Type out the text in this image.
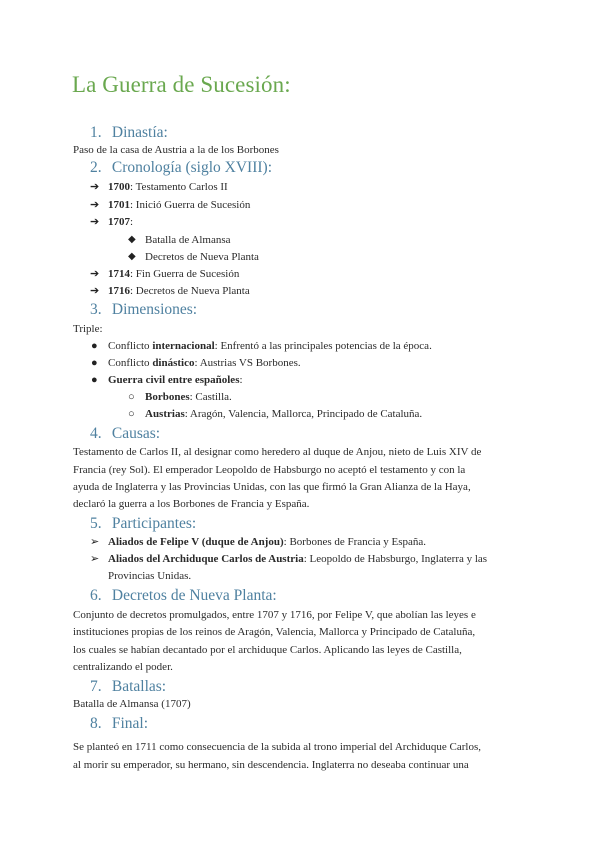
La Guerra de Sucesión:
1. Dinastía:
Paso de la casa de Austria a la de los Borbones
2. Cronología (siglo XVIII):
➔ 1700: Testamento Carlos II
➔ 1701: Inició Guerra de Sucesión
➔ 1707:
◆ Batalla de Almansa
◆ Decretos de Nueva Planta
➔ 1714: Fin Guerra de Sucesión
➔ 1716: Decretos de Nueva Planta
3. Dimensiones:
Triple:
● Conflicto internacional: Enfrentó a las principales potencias de la época.
● Conflicto dinástico: Austrias VS Borbones.
● Guerra civil entre españoles:
○ Borbones: Castilla.
○ Austrias: Aragón, Valencia, Mallorca, Principado de Cataluña.
4. Causas:
Testamento de Carlos II, al designar como heredero al duque de Anjou, nieto de Luis XIV de
Francia (rey Sol). El emperador Leopoldo de Habsburgo no aceptó el testamento y con la
ayuda de Inglaterra y las Provincias Unidas, con las que firmó la Gran Alianza de la Haya,
declaró la guerra a los Borbones de Francia y España.
5. Participantes:
➢ Aliados de Felipe V (duque de Anjou): Borbones de Francia y España.
➢ Aliados del Archiduque Carlos de Austria: Leopoldo de Habsburgo, Inglaterra y las
Provincias Unidas.
6. Decretos de Nueva Planta:
Conjunto de decretos promulgados, entre 1707 y 1716, por Felipe V, que abolían las leyes e
instituciones propias de los reinos de Aragón, Valencia, Mallorca y Principado de Cataluña,
los cuales se habían decantado por el archiduque Carlos. Aplicando las leyes de Castilla,
centralizando el poder.
7. Batallas:
Batalla de Almansa (1707)
8. Final:
Se planteó en 1711 como consecuencia de la subida al trono imperial del Archiduque Carlos,
al morir su emperador, su hermano, sin descendencia. Inglaterra no deseaba continuar una
